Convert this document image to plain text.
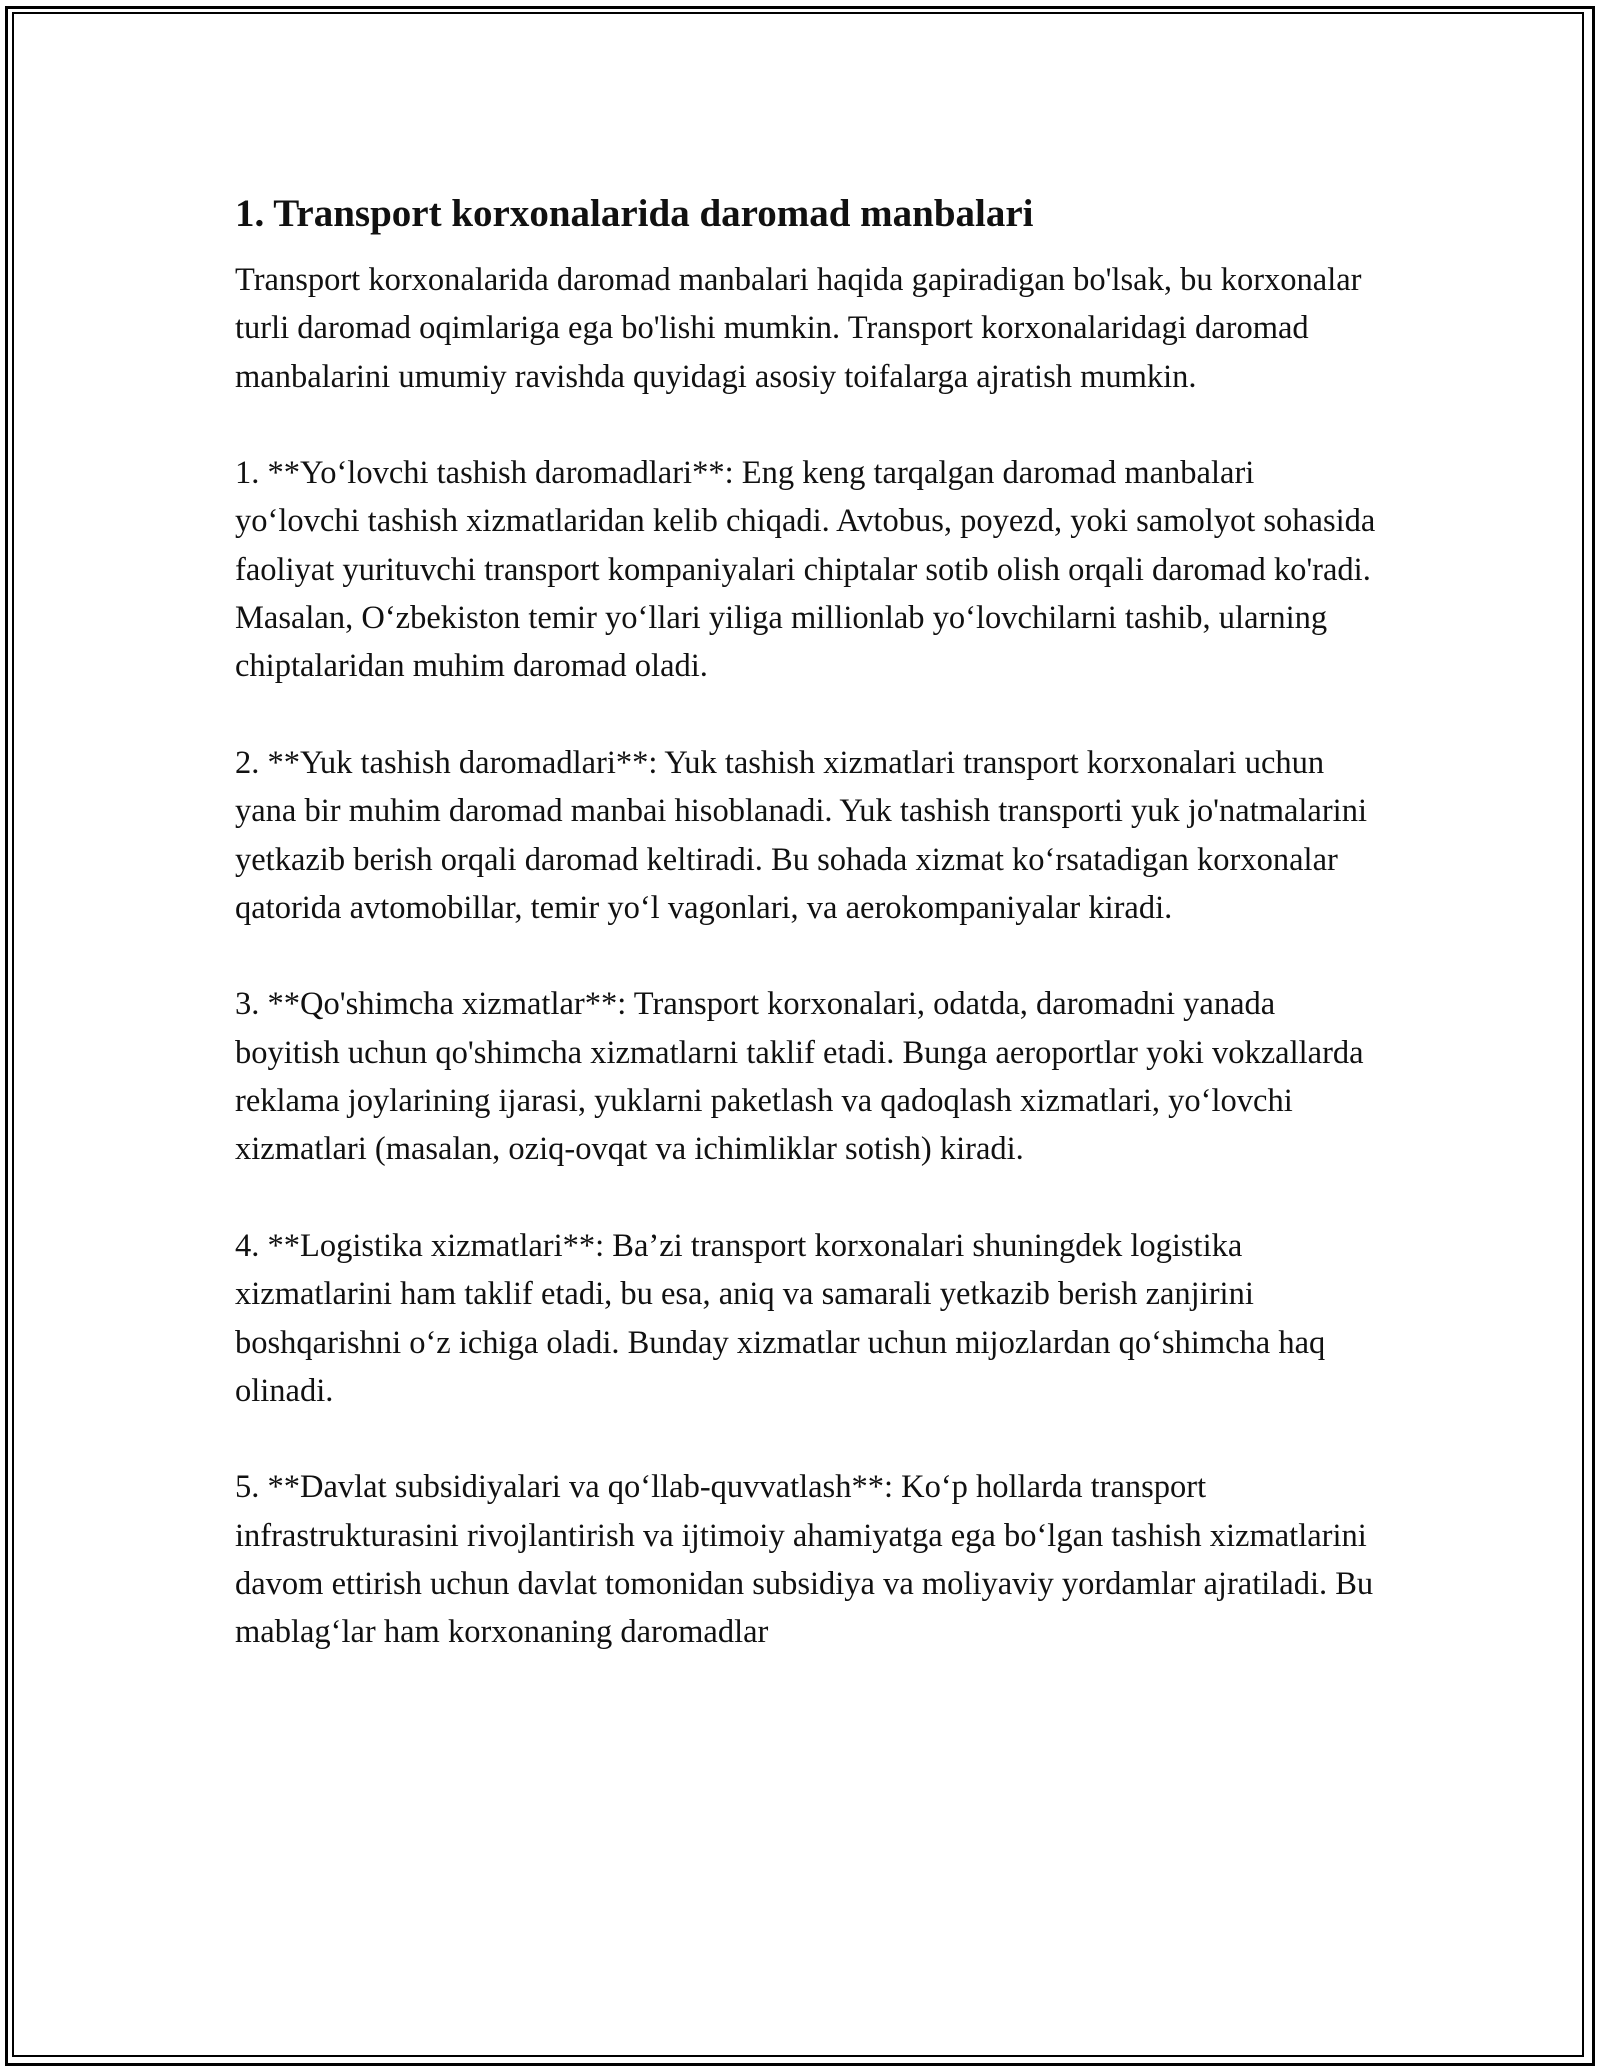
1. Transport korxonalarida daromad manbalari

Transport korxonalarida daromad manbalari haqida gapiradigan bo'lsak, bu korxonalar turli daromad oqimlariga ega bo'lishi mumkin. Transport korxonalaridagi daromad manbalarini umumiy ravishda quyidagi asosiy toifalarga ajratish mumkin.

1. **Yo‘lovchi tashish daromadlari**: Eng keng tarqalgan daromad manbalari yo‘lovchi tashish xizmatlaridan kelib chiqadi. Avtobus, poyezd, yoki samolyot sohasida faoliyat yurituvchi transport kompaniyalari chiptalar sotib olish orqali daromad ko'radi. Masalan, O‘zbekiston temir yo‘llari yiliga millionlab yo‘lovchilarni tashib, ularning chiptalaridan muhim daromad oladi.

2. **Yuk tashish daromadlari**: Yuk tashish xizmatlari transport korxonalari uchun yana bir muhim daromad manbai hisoblanadi. Yuk tashish transporti yuk jo'natmalarini yetkazib berish orqali daromad keltiradi. Bu sohada xizmat ko‘rsatadigan korxonalar qatorida avtomobillar, temir yo‘l vagonlari, va aerokompaniyalar kiradi.

3. **Qo'shimcha xizmatlar**: Transport korxonalari, odatda, daromadni yanada boyitish uchun qo'shimcha xizmatlarni taklif etadi. Bunga aeroportlar yoki vokzallarda reklama joylarining ijarasi, yuklarni paketlash va qadoqlash xizmatlari, yo‘lovchi xizmatlari (masalan, oziq-ovqat va ichimliklar sotish) kiradi.

4. **Logistika xizmatlari**: Ba’zi transport korxonalari shuningdek logistika xizmatlarini ham taklif etadi, bu esa, aniq va samarali yetkazib berish zanjirini boshqarishni o‘z ichiga oladi. Bunday xizmatlar uchun mijozlardan qo‘shimcha haq olinadi.

5. **Davlat subsidiyalari va qo‘llab-quvvatlash**: Ko‘p hollarda transport infrastrukturasini rivojlantirish va ijtimoiy ahamiyatga ega bo‘lgan tashish xizmatlarini davom ettirish uchun davlat tomonidan subsidiya va moliyaviy yordamlar ajratiladi. Bu mablag‘lar ham korxonaning daromadlar
